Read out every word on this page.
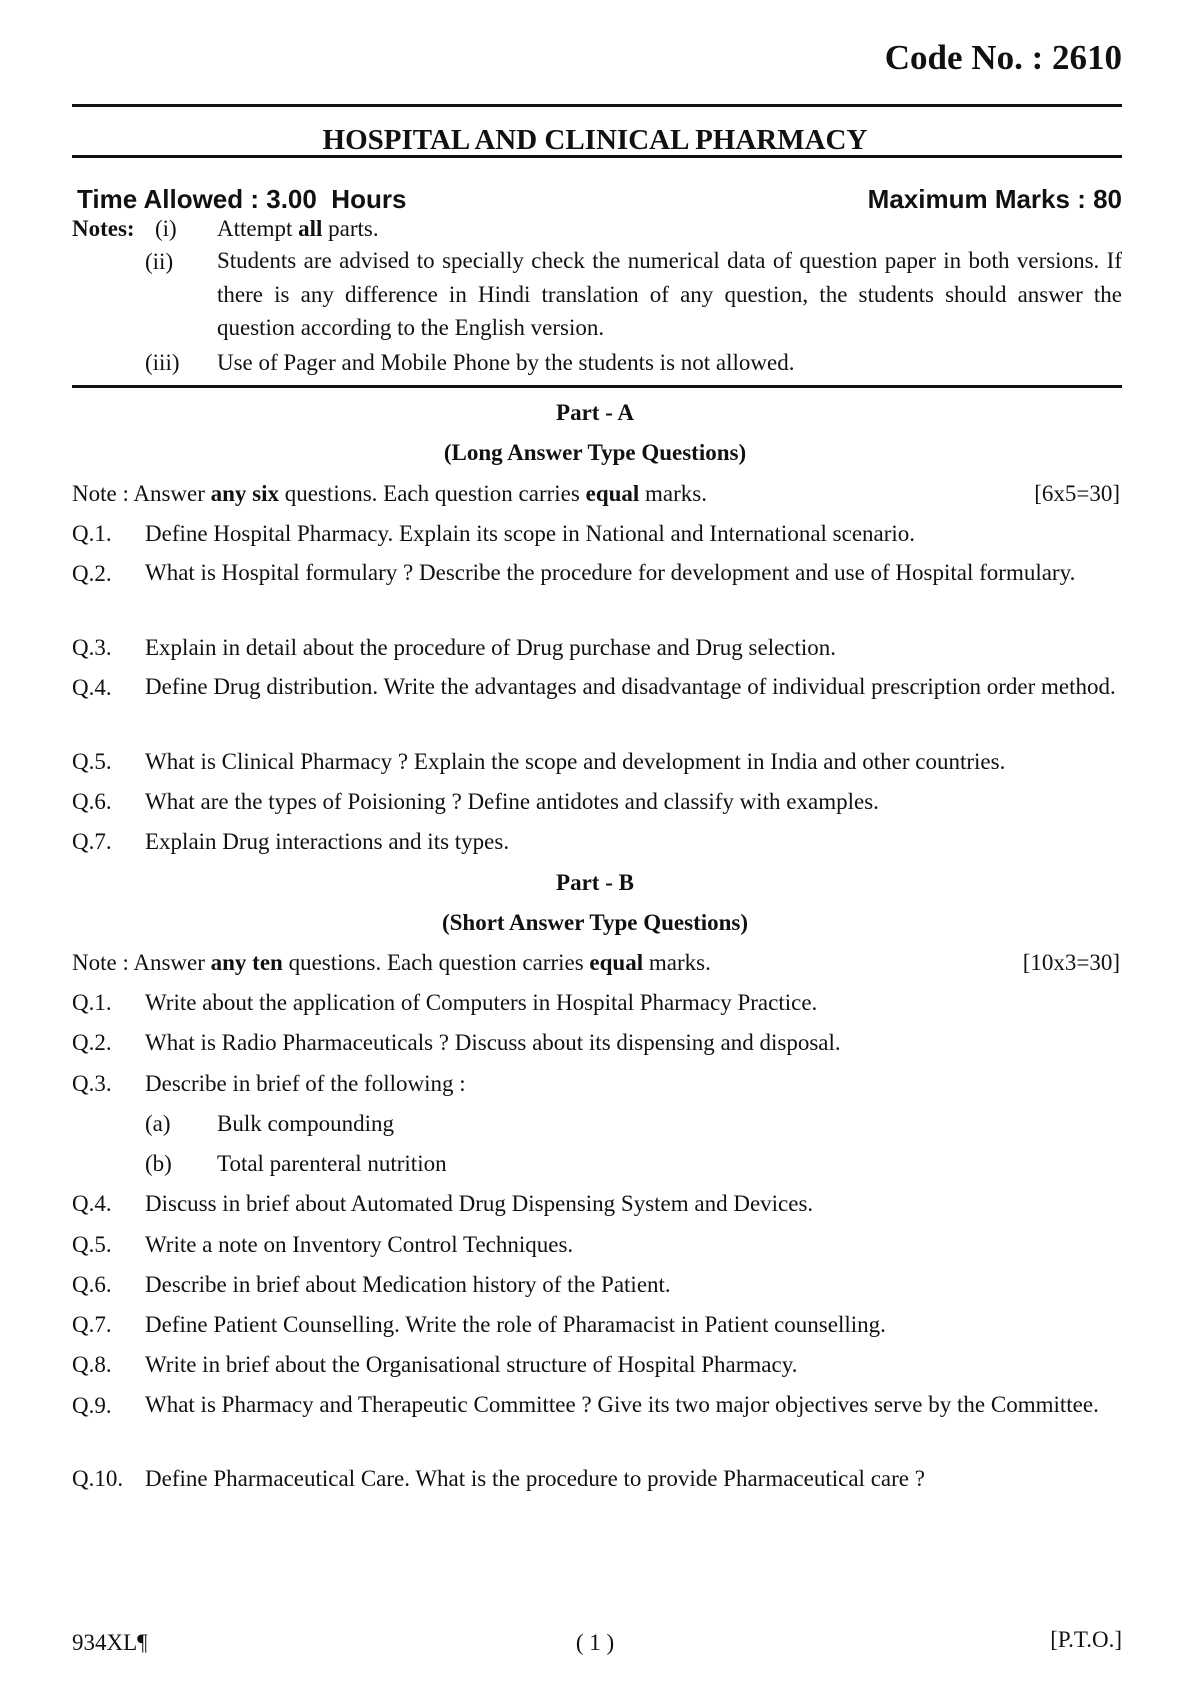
Code No. : 2610
HOSPITAL AND CLINICAL PHARMACY
Time Allowed : 3.00  Hours	Maximum Marks : 80
Notes: (i) Attempt all parts.
(ii) Students are advised to specially check the numerical data of question paper in both versions. If there is any difference in Hindi translation of any question, the students should answer the question according to the English version.
(iii) Use of Pager and Mobile Phone by the students is not allowed.
Part - A
(Long Answer Type Questions)
Note : Answer any six questions. Each question carries equal marks.	[6x5=30]
Q.1. Define Hospital Pharmacy. Explain its scope in National and International scenario.
Q.2. What is Hospital formulary ? Describe the procedure for development and use of Hospital formulary.
Q.3. Explain in detail about the procedure of Drug purchase and Drug selection.
Q.4. Define Drug distribution. Write the advantages and disadvantage of individual prescription order method.
Q.5. What is Clinical Pharmacy ? Explain the scope and development in India and other countries.
Q.6. What are the types of Poisioning ? Define antidotes and classify with examples.
Q.7. Explain Drug interactions and its types.
Part - B
(Short Answer Type Questions)
Note : Answer any ten questions. Each question carries equal marks.	[10x3=30]
Q.1. Write about the application of Computers in Hospital Pharmacy Practice.
Q.2. What is Radio Pharmaceuticals ? Discuss about its dispensing and disposal.
Q.3. Describe in brief of the following :
(a) Bulk compounding
(b) Total parenteral nutrition
Q.4. Discuss in brief about Automated Drug Dispensing System and Devices.
Q.5. Write a note on Inventory Control Techniques.
Q.6. Describe in brief about Medication history of the Patient.
Q.7. Define Patient Counselling. Write the role of Pharamacist in Patient counselling.
Q.8. Write in brief about the Organisational structure of Hospital Pharmacy.
Q.9. What is Pharmacy and Therapeutic Committee ? Give its two major objectives serve by the Committee.
Q.10. Define Pharmaceutical Care. What is the procedure to provide Pharmaceutical care ?
934XL¶	( 1 )	[P.T.O.]
